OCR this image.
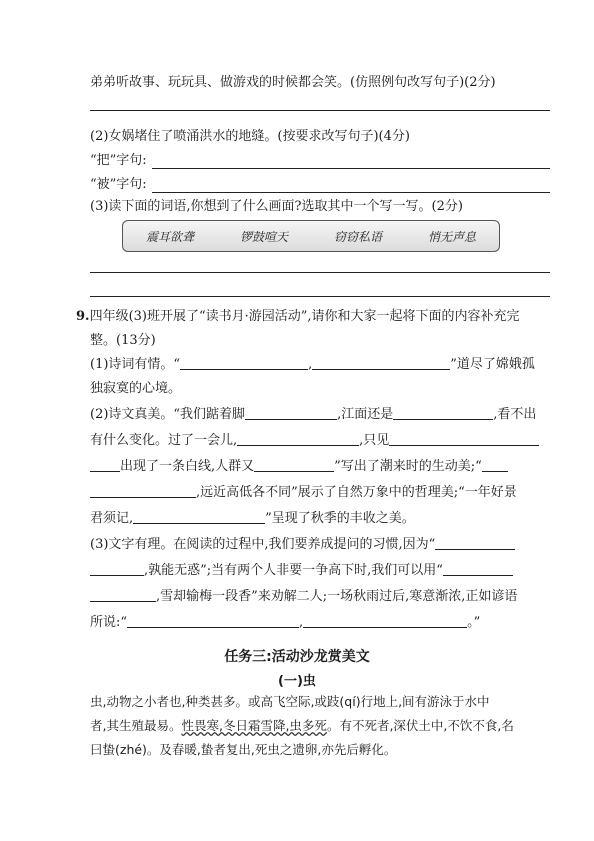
弟弟听故事、玩玩具、做游戏的时候都会笑。(仿照例句改写句子)(2分)
(2)女娲堵住了喷涌洪水的地缝。(按要求改写句子)(4分)
“把”字句:
“被”字句:
(3)读下面的词语,你想到了什么画面?选取其中一个写一写。(2分)
震耳欲聋	锣鼓喧天	窃窃私语	悄无声息
9.四年级(3)班开展了“读书月·游园活动”,请你和大家一起将下面的内容补充完
整。(13分)
(1)诗词有情。“	,	”道尽了嫦娥孤
独寂寞的心境。
(2)诗文真美。“我们踮着脚	,江面还是	,看不出
有什么变化。过了一会儿,	,只见
出现了一条白线,人群又	”写出了潮来时的生动美;“
,远近高低各不同”展示了自然万象中的哲理美;“一年好景
君须记,	”呈现了秋季的丰收之美。
(3)文字有理。在阅读的过程中,我们要养成提问的习惯,因为“
,孰能无惑”;当有两个人非要一争高下时,我们可以用“
,雪却输梅一段香”来劝解二人;一场秋雨过后,寒意渐浓,正如谚语
所说:“	,	。”
任务三:活动沙龙赏美文
(一)虫
虫,动物之小者也,种类甚多。或高飞空际,或跂(qí)行地上,间有游泳于水中
者,其生殖最易。性畏寒,冬日霜雪降,虫多死。有不死者,深伏土中,不饮不食,名
曰蛰(zhé)。及春暖,蛰者复出,死虫之遗卵,亦先后孵化。
